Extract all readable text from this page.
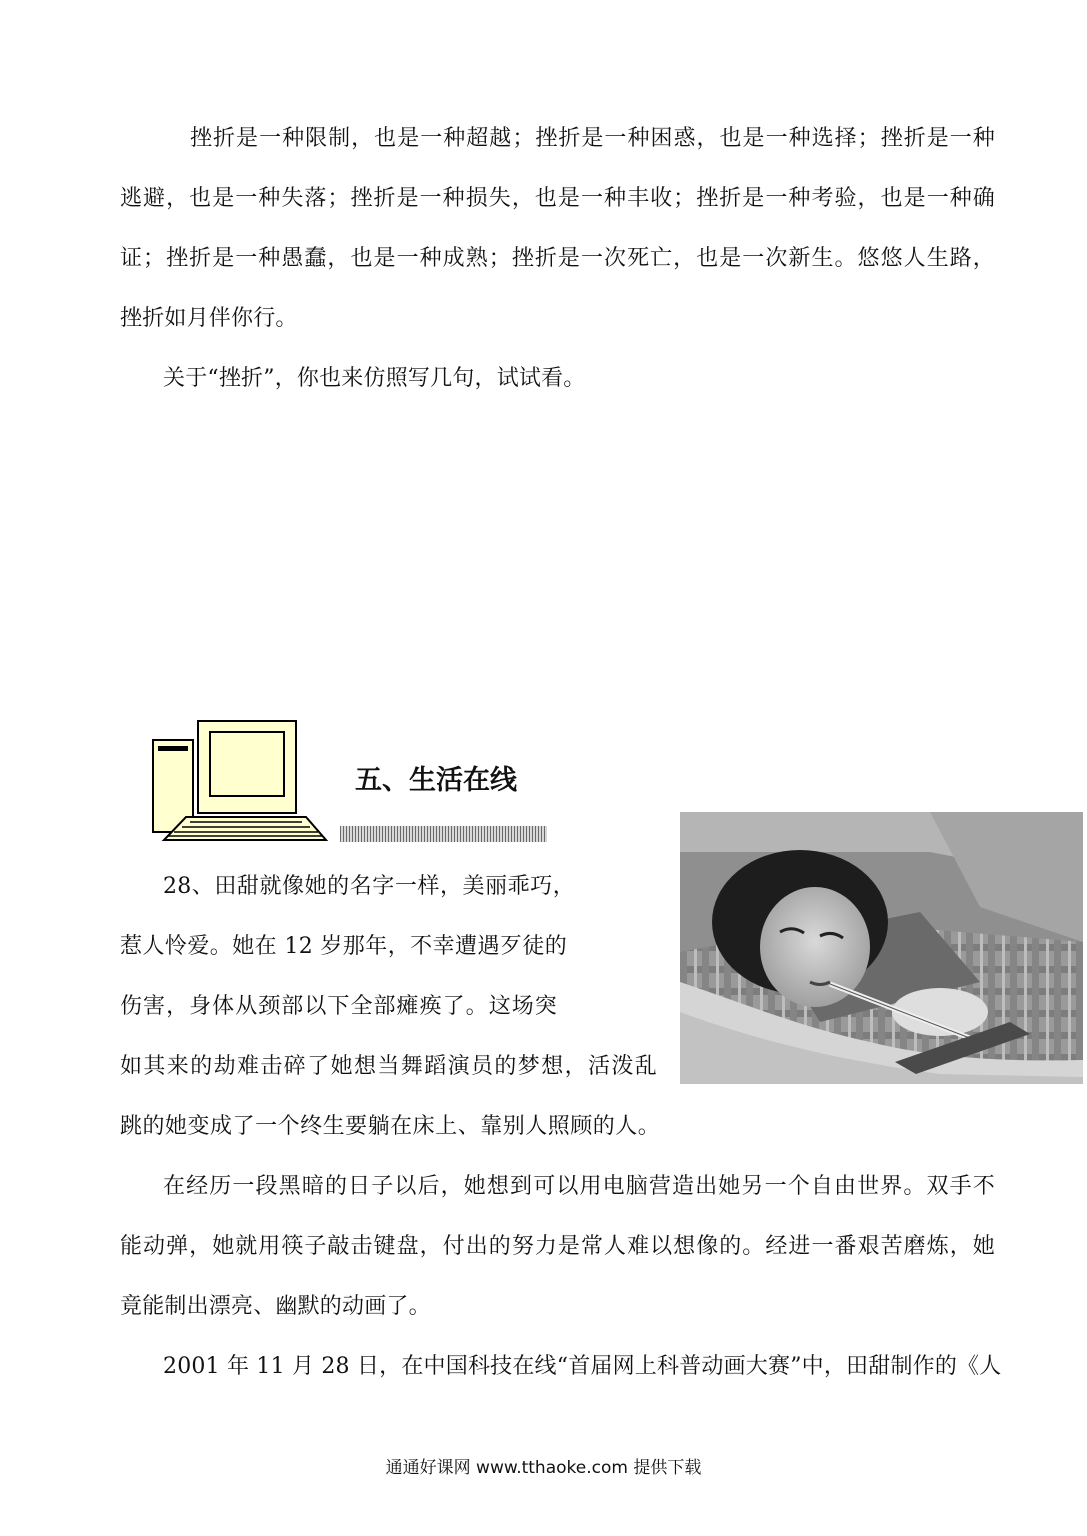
挫折是一种限制，也是一种超越；挫折是一种困惑，也是一种选择；挫折是一种
逃避，也是一种失落；挫折是一种损失，也是一种丰收；挫折是一种考验，也是一种确
证；挫折是一种愚蠢，也是一种成熟；挫折是一次死亡，也是一次新生。悠悠人生路，
挫折如月伴你行。
关于“挫折”，你也来仿照写几句，试试看。
五、生活在线
28、田甜就像她的名字一样，美丽乖巧，
惹人怜爱。她在 12 岁那年，不幸遭遇歹徒的
伤害，身体从颈部以下全部瘫痪了。这场突
如其来的劫难击碎了她想当舞蹈演员的梦想，活泼乱
跳的她变成了一个终生要躺在床上、靠别人照顾的人。
在经历一段黑暗的日子以后，她想到可以用电脑营造出她另一个自由世界。双手不
能动弹，她就用筷子敲击键盘，付出的努力是常人难以想像的。经进一番艰苦磨炼，她
竟能制出漂亮、幽默的动画了。
2001 年 11 月 28 日，在中国科技在线“首届网上科普动画大赛”中，田甜制作的《人
通通好课网 www.tthaoke.com 提供下载
